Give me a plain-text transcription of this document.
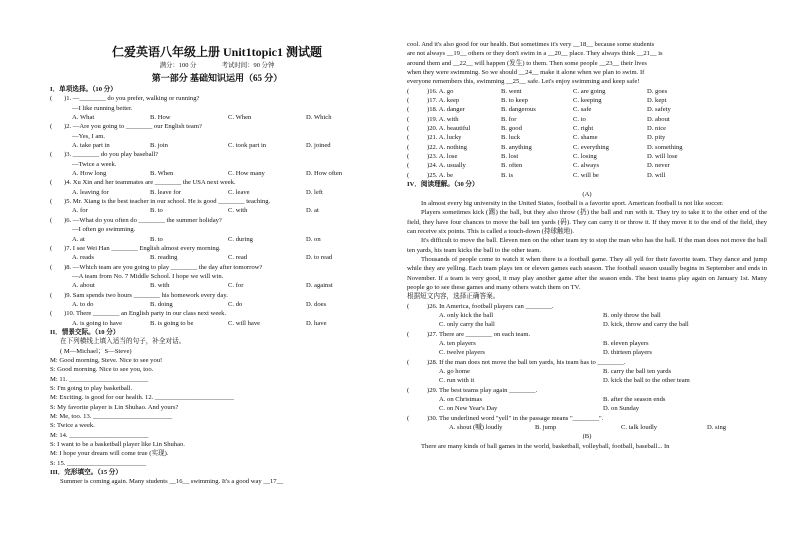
仁爱英语八年级上册 Unit1topic1 测试题
满分：100 分	考试时间：90 分钟
第一部分 基础知识运用（65 分）
I．单项选择。（10 分）
(	)1. —________ do you prefer, walking or running?
—I like running better.
A. What	B. How	C. When	D. Which
(	)2. —Are you going to ________ our English team?
—Yes, I am.
A. take part in	B. join	C. took part in	D. joined
(	)3. ________ do you play baseball?
—Twice a week.
A. How long	B. When	C. How many	D. How often
(	)4. Xu Xin and her teammates are ________ the USA next week.
A. leaving for	B. leave for	C. leave	D. left
(	)5. Mr. Xiang is the best teacher in our school. He is good ________ teaching.
A. for	B. to	C. with	D. at
(	)6. —What do you often do ________ the summer holiday?
—I often go swimming.
A. at	B. to	C. during	D. on
(	)7. I see Wei Han ________ English almost every morning.
A. reads	B. reading	C. read	D. to read
(	)8. —Which team are you going to play ________ the day after tomorrow?
—A team from No. 7 Middle School. I hope we will win.
A. about	B. with	C. for	D. against
(	)9. Sam spends two hours ________ his homework every day.
A. to do	B. doing	C. do	D. does
(	)10. There ________ an English party in our class next week.
A. is going to have	B. is going to be	C. will have	D. have
II．情景交际。（10 分）
在下列横线上填入适当的句子，补全对话。
( M—Michael；S—Steve)
M: Good morning, Steve. Nice to see you!
S: Good morning. Nice to see you, too.
M: 11. ________________________
S: I'm going to play basketball.
M: Exciting. is good for our health. 12. ________________________
S: My favorite player is Lin Shuhao. And yours?
M: Me, too. 13. ________________________
S: Twice a week.
M: 14. ________________________
S: I want to be a basketball player like Lin Shuhao.
M: I hope your dream will come true (实现).
S: 15. ________________________
III．完形填空。（15 分）
Summer is coming again. Many students __16__ swimming. It's a good way __17__
cool. And it's also good for our health. But sometimes it's very __18__ because some students
are not always __19__ others or they don't swim in a __20__ place. They always think __21__ is
around them and __22__ will happen (发生) to them. Then some people __23__ their lives
when they were swimming. So we should __24__ make it alone when we plan to swim. If
everyone remembers this, swimming __25__ safe. Let's enjoy swimming and keep safe!
(	)16. A. go	B. went	C. are going	D. goes
(	)17. A. keep	B. to keep	C. keeping	D. kept
(	)18. A. danger	B. dangerous	C. safe	D. safety
(	)19. A. with	B. for	C. to	D. about
(	)20. A. beautiful	B. good	C. right	D. nice
(	)21. A. lucky	B. luck	C. shame	D. pity
(	)22. A. nothing	B. anything	C. everything	D. something
(	)23. A. lose	B. lost	C. losing	D. will lose
(	)24. A. usually	B. often	C. always	D. never
(	)25. A. be	B. is	C. will be	D. will
IV．阅读理解。（30 分）
(A)
In almost every big university in the United States, football is a favorite sport. American football is not like soccer.
Players sometimes kick (踢) the ball, but they also throw (扔) the ball and run with it. They try to take it to the other end of the field, they have four chances to move the ball ten yards (码). They can carry it or throw it. If they move it to the end of the field, they can receive six points. This is called a touch-down (持球触地).
It's difficult to move the ball. Eleven men on the other team try to stop the man who has the ball. If the man does not move the ball ten yards, his team kicks the ball to the other team.
Thousands of people come to watch it when there is a football game. They all yell for their favorite team. They dance and jump while they are yelling. Each team plays ten or eleven games each season. The football season usually begins in September and ends in November. If a team is very good, it may play another game after the season ends. The best teams play again on January 1st. Many people go to see these games and many others watch them on TV.
根据短文内容，选择正确答案。
(	)26. In America, football players can ________.
A. only kick the ball	B. only throw the ball
C. only carry the ball	D. kick, throw and carry the ball
(	)27. There are ________ on each team.
A. ten players	B. eleven players
C. twelve players	D. thirteen players
(	)28. If the man does not move the ball ten yards, his team has to ________.
A. go home	B. carry the ball ten yards
C. run with it	D. kick the ball to the other team
(	)29. The best teams play again ________.
A. on Christmas	B. after the season ends
C. on New Year's Day	D. on Sunday
(	)30. The underlined word "yell" in the passage means "________".
A. shout (喊) loudly	B. jump	C. talk loudly	D. sing
(B)
There are many kinds of ball games in the world, basketball, volleyball, football, baseball... In
